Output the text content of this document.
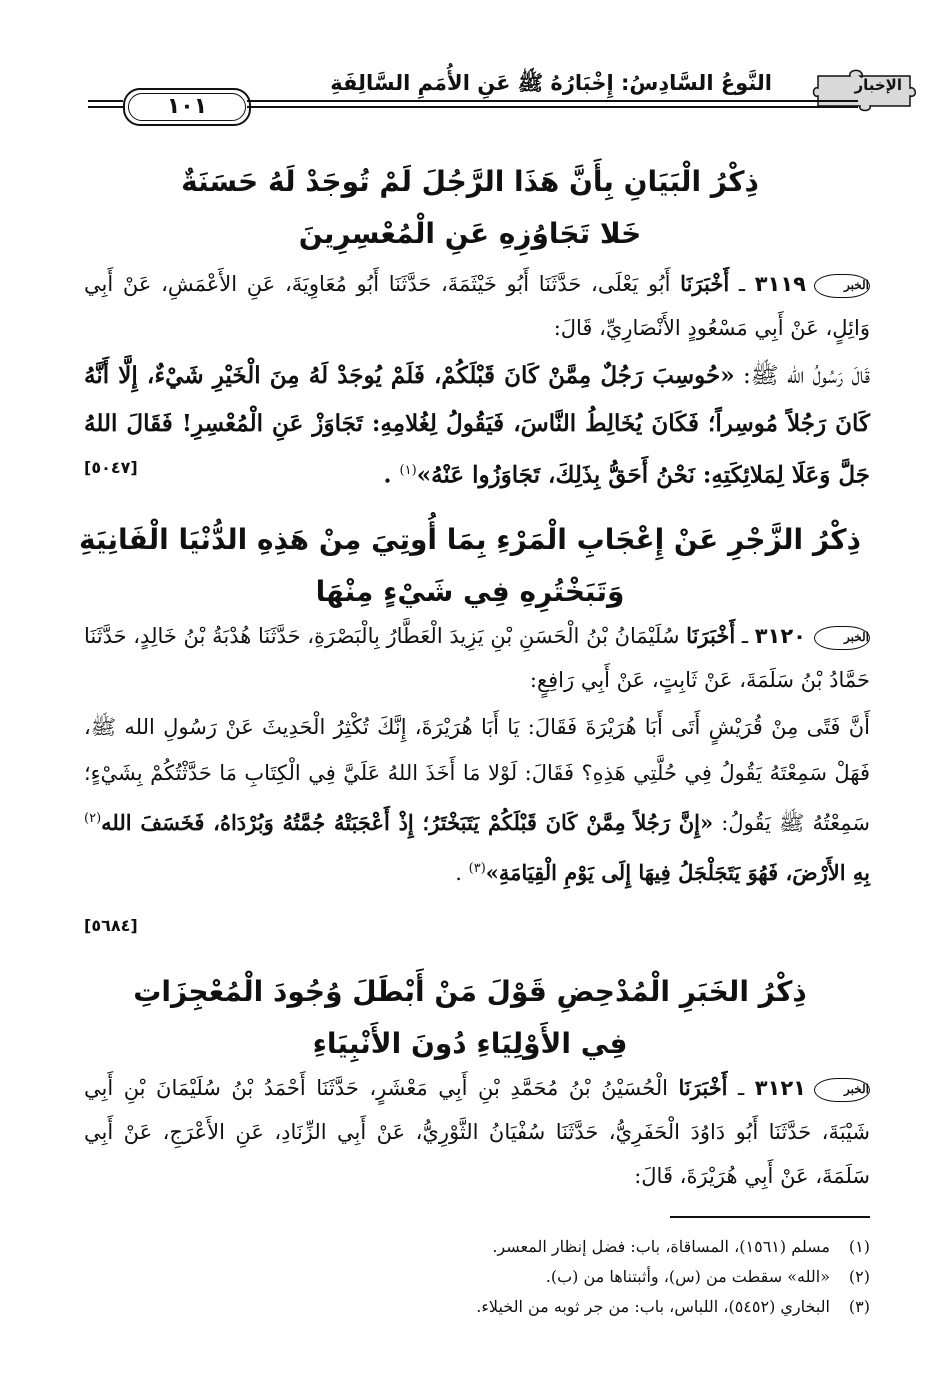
الإخبار
النَّوعُ السَّادِسُ: إِخْبَارُهُ ﷺ عَنِ الأُمَمِ السَّالِفَةِ
١٠١
ذِكْرُ الْبَيَانِ بِأَنَّ هَذَا الرَّجُلَ لَمْ تُوجَدْ لَهُ حَسَنَةٌ
خَلا تَجَاوُزِهِ عَنِ الْمُعْسِرِينَ
الخبر٣١١٩ ـ أَخْبَرَنَا أَبُو يَعْلَى، حَدَّثَنَا أَبُو خَيْثَمَةَ، حَدَّثَنَا أَبُو مُعَاوِيَةَ، عَنِ الأَعْمَشِ، عَنْ أَبِي وَائِلٍ، عَنْ أَبِي مَسْعُودٍ الأَنْصَارِيِّ، قَالَ:
قَالَ رَسُولُ الله ﷺ: «حُوسِبَ رَجُلٌ مِمَّنْ كَانَ قَبْلَكُمْ، فَلَمْ يُوجَدْ لَهُ مِنَ الْخَيْرِ شَيْءٌ، إِلَّا أَنَّهُ كَانَ رَجُلاً مُوسِراً؛ فَكَانَ يُخَالِطُ النَّاسَ، فَيَقُولُ لِغُلامِهِ: تَجَاوَزْ عَنِ الْمُعْسِرِ! فَقَالَ اللهُ جَلَّ وَعَلَا لِمَلائِكَتِهِ: نَحْنُ أَحَقُّ بِذَلِكَ، تَجَاوَزُوا عَنْهُ»$^{(١)}$ .
[٥٠٤٧]
ذِكْرُ الزَّجْرِ عَنْ إِعْجَابِ الْمَرْءِ بِمَا أُوتِيَ مِنْ هَذِهِ الدُّنْيَا الْفَانِيَةِ
وَتَبَخْتُرِهِ فِي شَيْءٍ مِنْهَا
الخبر٣١٢٠ ـ أَخْبَرَنَا سُلَيْمَانُ بْنُ الْحَسَنِ بْنِ يَزِيدَ الْعَطَّارُ بِالْبَصْرَةِ، حَدَّثَنَا هُدْبَةُ بْنُ خَالِدٍ، حَدَّثَنَا حَمَّادُ بْنُ سَلَمَةَ، عَنْ ثَابِتٍ، عَنْ أَبِي رَافِعٍ:
أَنَّ فَتًى مِنْ قُرَيْشٍ أَتَى أَبَا هُرَيْرَةَ فَقَالَ: يَا أَبَا هُرَيْرَةَ، إِنَّكَ تُكْثِرُ الْحَدِيثَ عَنْ رَسُولِ الله ﷺ، فَهَلْ سَمِعْتَهُ يَقُولُ فِي حُلَّتِي هَذِهِ؟ فَقَالَ: لَوْلا مَا أَخَذَ اللهُ عَلَيَّ فِي الْكِتَابِ مَا حَدَّثْتُكُمْ بِشَيْءٍ؛ سَمِعْتُهُ ﷺ يَقُولُ: «إِنَّ رَجُلاً مِمَّنْ كَانَ قَبْلَكُمْ يَتَبَخْتَرُ؛ إِذْ أَعْجَبَتْهُ جُمَّتُهُ وَبُرْدَاهُ، فَخَسَفَ الله$^{(٢)}$ بِهِ الأَرْضَ، فَهُوَ يَتَجَلْجَلُ فِيهَا إِلَى يَوْمِ الْقِيَامَةِ»$^{(٣)}$ .
[٥٦٨٤]
ذِكْرُ الخَبَرِ الْمُدْحِضِ قَوْلَ مَنْ أَبْطَلَ وُجُودَ الْمُعْجِزَاتِ
فِي الأَوْلِيَاءِ دُونَ الأَنْبِيَاءِ
الخبر٣١٢١ ـ أَخْبَرَنَا الْحُسَيْنُ بْنُ مُحَمَّدِ بْنِ أَبِي مَعْشَرٍ، حَدَّثَنَا أَحْمَدُ بْنُ سُلَيْمَانَ بْنِ أَبِي شَيْبَةَ، حَدَّثَنَا أَبُو دَاوُدَ الْحَفَرِيُّ، حَدَّثَنَا سُفْيَانُ الثَّوْرِيُّ، عَنْ أَبِي الزِّنَادِ، عَنِ الأَعْرَجِ، عَنْ أَبِي سَلَمَةَ، عَنْ أَبِي هُرَيْرَةَ، قَالَ:
(١)مسلم (١٥٦١)، المساقاة، باب: فضل إنظار المعسر.
(٢)«الله» سقطت من (س)، وأثبتناها من (ب).
(٣)البخاري (٥٤٥٢)، اللباس، باب: من جر ثوبه من الخيلاء.
